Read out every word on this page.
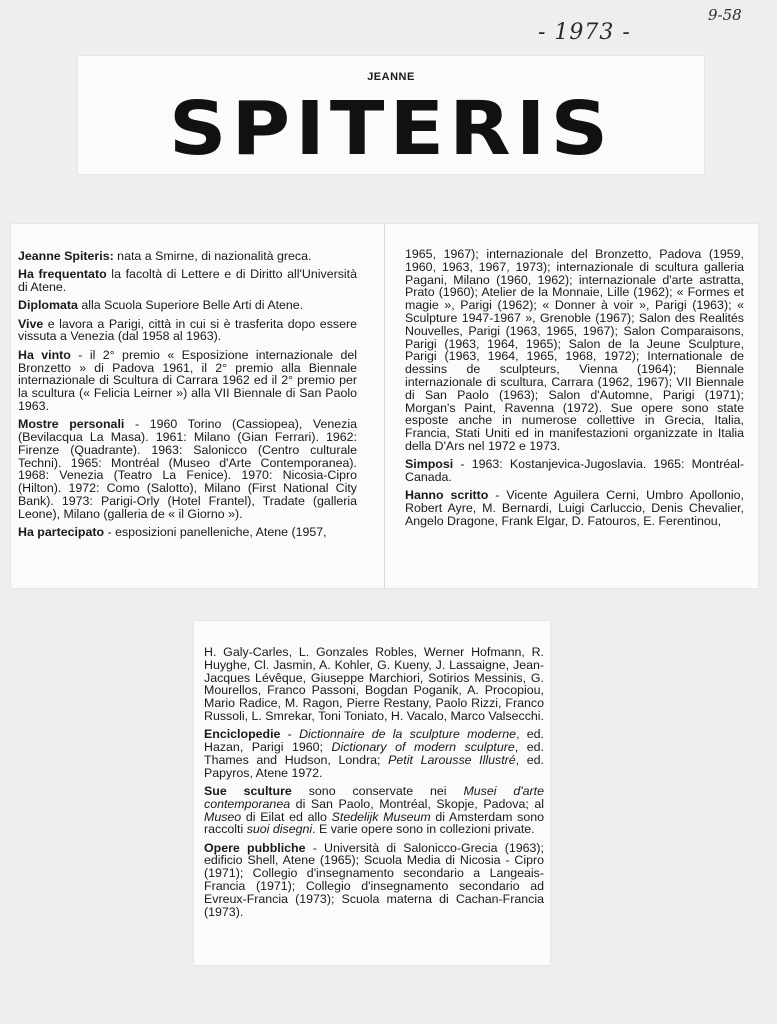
9-58
- 1973 -
JEANNE
SPITERIS

Jeanne Spiteris: nata a Smirne, di nazionalità greca.

Ha frequentato la facoltà di Lettere e di Diritto all'Università di Atene.

Diplomata alla Scuola Superiore Belle Arti di Atene.

Vive e lavora a Parigi, città in cui si è trasferita dopo essere vissuta a Venezia (dal 1958 al 1963).

Ha vinto - il 2° premio « Esposizione internazionale del Bronzetto » di Padova 1961, il 2° premio alla Biennale internazionale di Scultura di Carrara 1962 ed il 2° premio per la scultura (« Felicia Leirner ») alla VII Biennale di San Paolo 1963.

Mostre personali - 1960 Torino (Cassiopea), Venezia (Bevilacqua La Masa). 1961: Milano (Gian Ferrari). 1962: Firenze (Quadrante). 1963: Salonicco (Centro culturale Techni). 1965: Montréal (Museo d'Arte Contemporanea). 1968: Venezia (Teatro La Fenice). 1970: Nicosia-Cipro (Hilton). 1972: Como (Salotto), Milano (First National City Bank). 1973: Parigi-Orly (Hotel Frantel), Tradate (galleria Leone), Milano (galleria de « il Giorno »).

Ha partecipato - esposizioni panelleniche, Atene (1957,

1965, 1967); internazionale del Bronzetto, Padova (1959, 1960, 1963, 1967, 1973); internazionale di scultura galleria Pagani, Milano (1960, 1962); internazionale d'arte astratta, Prato (1960); Atelier de la Monnaie, Lille (1962); « Formes et magie », Parigi (1962); « Donner à voir », Parigi (1963); « Sculpture 1947-1967 », Grenoble (1967); Salon des Realités Nouvelles, Parigi (1963, 1965, 1967); Salon Comparaisons, Parigi (1963, 1964, 1965); Salon de la Jeune Sculpture, Parigi (1963, 1964, 1965, 1968, 1972); Internationale de dessins de sculpteurs, Vienna (1964); Biennale internazionale di scultura, Carrara (1962, 1967); VII Biennale di San Paolo (1963); Salon d'Automne, Parigi (1971); Morgan's Paint, Ravenna (1972). Sue opere sono state esposte anche in numerose collettive in Grecia, Italia, Francia, Stati Uniti ed in manifestazioni organizzate in Italia della D'Ars nel 1972 e 1973.

Simposi - 1963: Kostanjevica-Jugoslavia. 1965: Montréal-Canada.

Hanno scritto - Vicente Aguilera Cerni, Umbro Apollonio, Robert Ayre, M. Bernardi, Luigi Carluccio, Denis Chevalier, Angelo Dragone, Frank Elgar, D. Fatouros, E. Ferentinou,

H. Galy-Carles, L. Gonzales Robles, Werner Hofmann, R. Huyghe, Cl. Jasmin, A. Kohler, G. Kueny, J. Lassaigne, Jean-Jacques Lévêque, Giuseppe Marchiori, Sotirios Messinis, G. Mourellos, Franco Passoni, Bogdan Poganik, A. Procopiou, Mario Radice, M. Ragon, Pierre Restany, Paolo Rizzi, Franco Russoli, L. Smrekar, Toni Toniato, H. Vacalo, Marco Valsecchi.

Enciclopedie - Dictionnaire de la sculpture moderne, ed. Hazan, Parigi 1960; Dictionary of modern sculpture, ed. Thames and Hudson, Londra; Petit Larousse Illustré, ed. Papyros, Atene 1972.

Sue sculture sono conservate nei Musei d'arte contemporanea di San Paolo, Montréal, Skopje, Padova; al Museo di Eilat ed allo Stedelijk Museum di Amsterdam sono raccolti suoi disegni. E varie opere sono in collezioni private.

Opere pubbliche - Università di Salonicco-Grecia (1963); edificio Shell, Atene (1965); Scuola Media di Nicosia - Cipro (1971); Collegio d'insegnamento secondario a Langeais-Francia (1971); Collegio d'insegnamento secondario ad Evreux-Francia (1973); Scuola materna di Cachan-Francia (1973).
